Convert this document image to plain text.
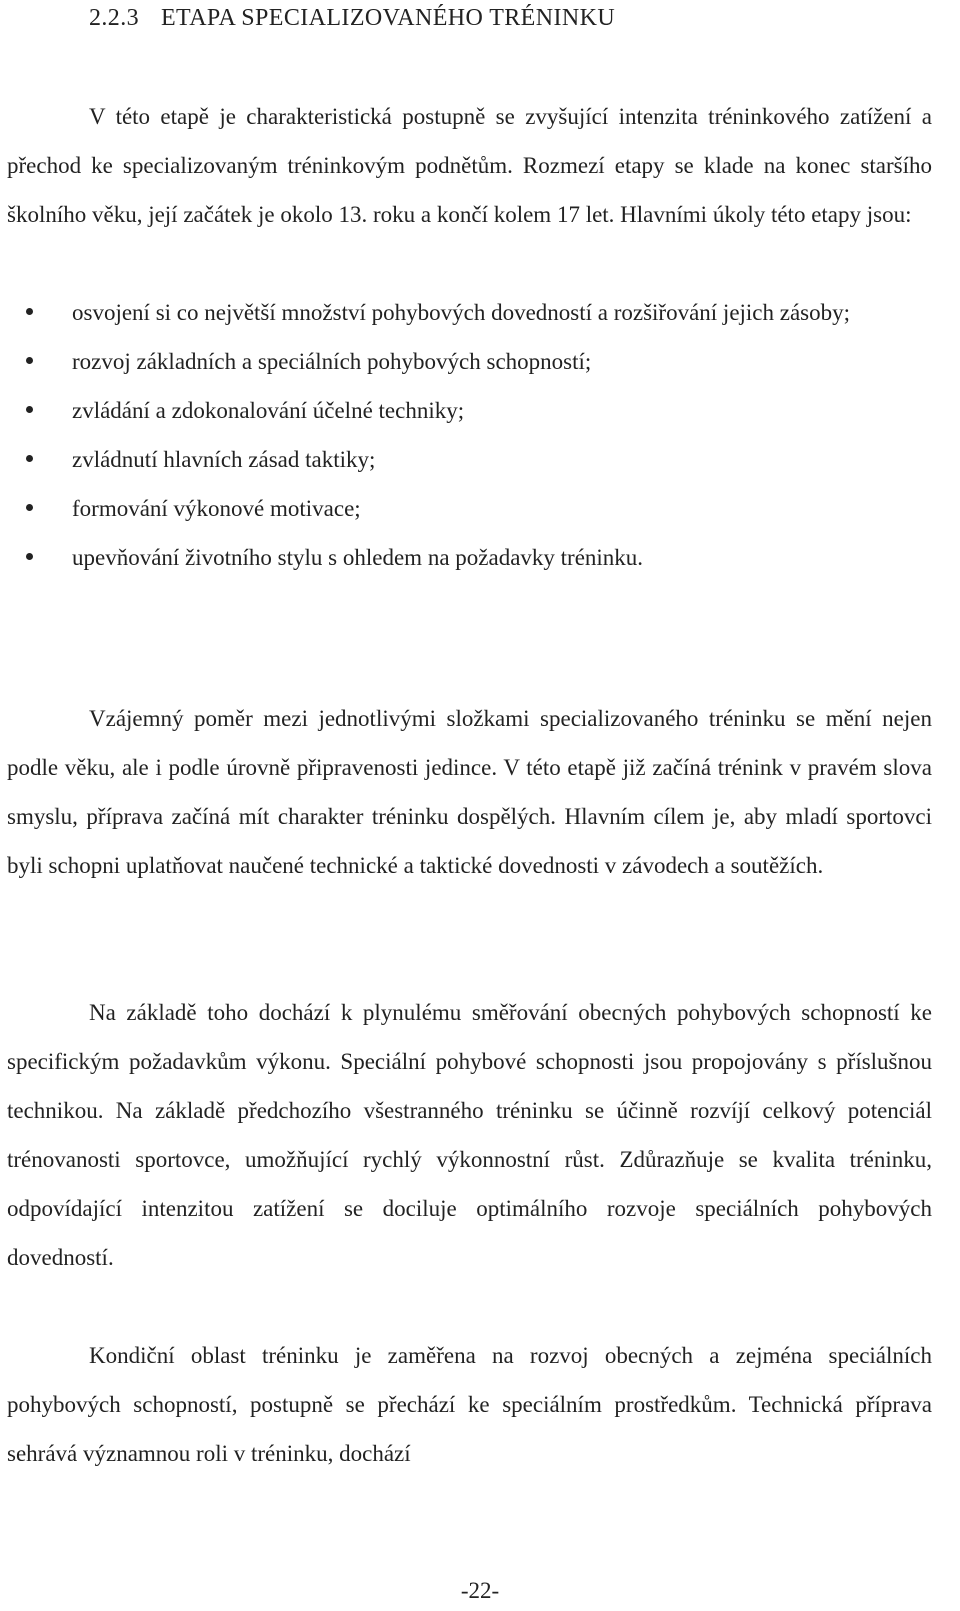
2.2.3 ETAPA SPECIALIZOVANÉHO TRÉNINKU

V této etapě je charakteristická postupně se zvyšující intenzita tréninkového zatížení a přechod ke specializovaným tréninkovým podnětům. Rozmezí etapy se klade na konec staršího školního věku, její začátek je okolo 13. roku a končí kolem 17 let. Hlavními úkoly této etapy jsou:

osvojení si co největší množství pohybových dovedností a rozšiřování jejich zásoby;
rozvoj základních a speciálních pohybových schopností;
zvládání a zdokonalování účelné techniky;
zvládnutí hlavních zásad taktiky;
formování výkonové motivace;
upevňování životního stylu s ohledem na požadavky tréninku.

Vzájemný poměr mezi jednotlivými složkami specializovaného tréninku se mění nejen podle věku, ale i podle úrovně připravenosti jedince. V této etapě již začíná trénink v pravém slova smyslu, příprava začíná mít charakter tréninku dospělých. Hlavním cílem je, aby mladí sportovci byli schopni uplatňovat naučené technické a taktické dovednosti v závodech a soutěžích.

Na základě toho dochází k plynulému směřování obecných pohybových schopností ke specifickým požadavkům výkonu. Speciální pohybové schopnosti jsou propojovány s příslušnou technikou. Na základě předchozího všestranného tréninku se účinně rozvíjí celkový potenciál trénovanosti sportovce, umožňující rychlý výkonnostní růst. Zdůrazňuje se kvalita tréninku, odpovídající intenzitou zatížení se dociluje optimálního rozvoje speciálních pohybových dovedností.

Kondiční oblast tréninku je zaměřena na rozvoj obecných a zejména speciálních pohybových schopností, postupně se přechází ke speciálním prostředkům. Technická příprava sehrává významnou roli v tréninku, dochází

-22-
